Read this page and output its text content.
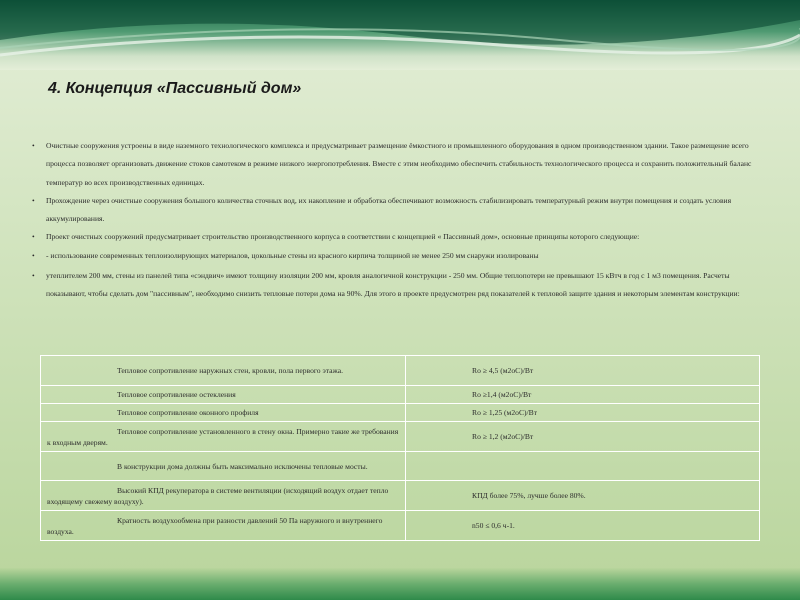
4. Концепция «Пассивный дом»
• Очистные сооружения устроены в виде наземного технологического комплекса и предусматривает размещение ёмкостного и промышленного оборудования в одном производственном здании. Такое размещение всего процесса позволяет организовать движение стоков самотеком в режиме низкого энергопотребления. Вместе с этим необходимо обеспечить стабильность технологического процесса и сохранить положительный баланс температур во всех производственных единицах.
• Прохождение через очистные сооружения большого количества сточных вод, их накопление и обработка обеспечивают возможность стабилизировать температурный режим внутри помещения и создать условия аккумулирования.
• Проект очистных сооружений предусматривает строительство производственного корпуса в соответствии с концепцией « Пассивный дом», основные принципы которого следующие:
• - использование современных теплоизолирующих материалов, цокольные стены из красного кирпича толщиной не менее 250 мм снаружи изолированы
• утеплителем 200 мм, стены из панелей типа «сэндвич» имеют толщину изоляции 200 мм, кровля аналогичной конструкции - 250 мм. Общие теплопотери не превышают 15 кВтч в год с 1 м3 помещения. Расчеты показывают, чтобы сделать дом "пассивным", необходимо снизить тепловые потери дома на 90%. Для этого в проекте предусмотрен ряд показателей к тепловой защите здания и некоторым элементам конструкции:
Тепловое сопротивление наружных стен, кровли, пола первого этажа.	Ro ≥ 4,5 (м2оС)/Вт
Тепловое сопротивление остекления	Ro ≥1,4 (м2оС)/Вт
Тепловое сопротивление оконного профиля	Ro ≥ 1,25 (м2оС)/Вт
Тепловое сопротивление установленного в стену окна. Примерно такие же требования к входным дверям.	Ro ≥ 1,2 (м2оС)/Вт
В конструкции дома должны быть максимально исключены тепловые мосты.	
Высокий КПД рекуператора в системе вентиляции (исходящий воздух отдает тепло входящему свежему воздуху).	КПД более 75%, лучше более 80%.
Кратность воздухообмена при разности давлений 50 Па наружного и внутреннего воздуха.	n50 ≤ 0,6 ч-1.
